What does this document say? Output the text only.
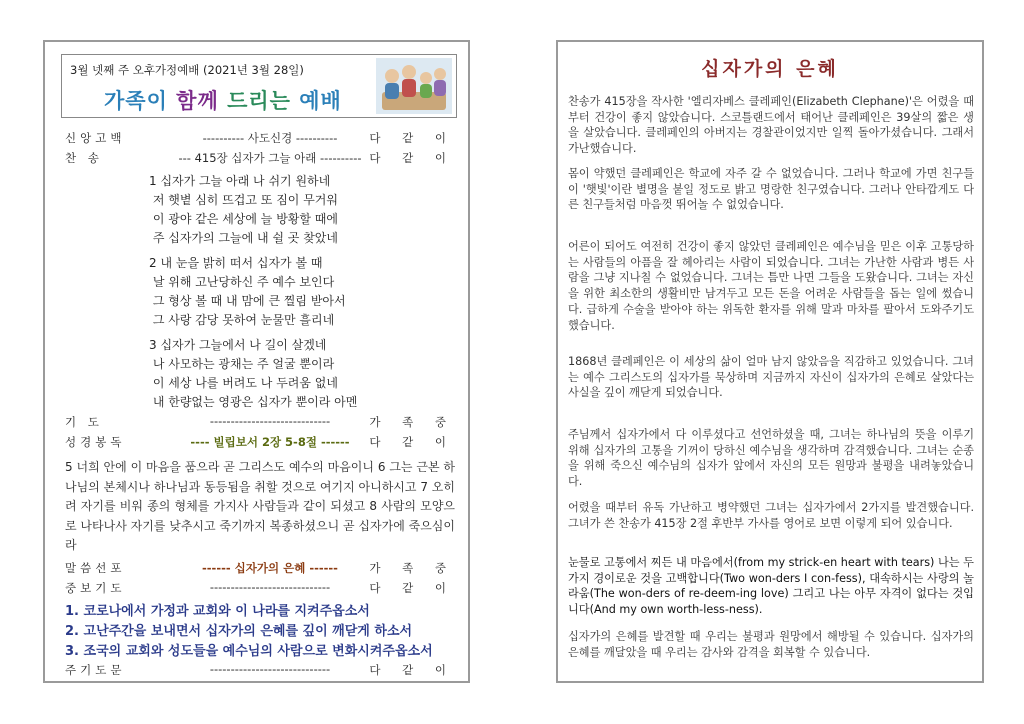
3월 넷째 주 오후가정예배 (2021년 3월 28일)
가족이 함께 드리는 예배
신앙고백	---------- 사도신경 ----------	다 같 이
찬 송	--- 415장 십자가 그늘 아래 ---------- 다 같 이
1 십자가 그늘 아래 나 쉬기 원하네
저 햇볕 심히 뜨겁고 또 짐이 무거워
이 광야 같은 세상에 늘 방황할 때에
주 십자가의 그늘에 내 쉴 곳 찾았네
2 내 눈을 밝히 떠서 십자가 볼 때
날 위해 고난당하신 주 예수 보인다
그 형상 볼 때 내 맘에 큰 찔림 받아서
그 사랑 감당 못하여 눈물만 흘리네
3 십자가 그늘에서 나 길이 살겠네
나 사모하는 광채는 주 얼굴 뿐이라
이 세상 나를 버려도 나 두려움 없네
내 한량없는 영광은 십자가 뿐이라 아멘
기 도	-----------------------------	가 족 중
성경봉독	---- 빌립보서 2장 5-8절 ------	다 같 이
5 너희 안에 이 마음을 품으라 곧 그리스도 예수의 마음이니 6 그는 근본 하나님의 본체시나 하나님과 동등됨을 취할 것으로 여기지 아니하시고 7 오히려 자기를 비워 종의 형체를 가지사 사람들과 같이 되셨고 8 사람의 모양으로 나타나사 자기를 낮추시고 죽기까지 복종하셨으니 곧 십자가에 죽으심이라
말씀선포	------ 십자가의 은혜 ------	가 족 중
중보기도	-----------------------------	다 같 이
1. 코로나에서 가정과 교회와 이 나라를 지켜주옵소서
2. 고난주간을 보내면서 십자가의 은혜를 깊이 깨닫게 하소서
3. 조국의 교회와 성도들을 예수님의 사람으로 변화시켜주옵소서
주기도문	-----------------------------	다 같 이
십자가의 은혜
찬송가 415장을 작사한 '엘리자베스 클레페인(Elizabeth Clephane)'은 어렸을 때부터 건강이 좋지 않았습니다. 스코틀랜드에서 태어난 클레페인은 39살의 짧은 생을 살았습니다. 클레페인의 아버지는 경찰관이었지만 일찍 돌아가셨습니다. 그래서 가난했습니다.
몸이 약했던 클레페인은 학교에 자주 갈 수 없었습니다. 그러나 학교에 가면 친구들이 '햇빛'이란 별명을 붙일 정도로 밝고 명랑한 친구였습니다. 그러나 안타깝게도 다른 친구들처럼 마음껏 뛰어놀 수 없었습니다.
어른이 되어도 여전히 건강이 좋지 않았던 클레페인은 예수님을 믿은 이후 고통당하는 사람들의 아픔을 잘 헤아리는 사람이 되었습니다. 그녀는 가난한 사람과 병든 사람을 그냥 지나칠 수 없었습니다. 그녀는 틈만 나면 그들을 도왔습니다. 그녀는 자신을 위한 최소한의 생활비만 남겨두고 모든 돈을 어려운 사람들을 돕는 일에 썼습니다. 급하게 수술을 받아야 하는 위독한 환자를 위해 말과 마차를 팔아서 도와주기도 했습니다.
1868년 클레페인은 이 세상의 삶이 얼마 남지 않았음을 직감하고 있었습니다. 그녀는 예수 그리스도의 십자가를 묵상하며 지금까지 자신이 십자가의 은혜로 살았다는 사실을 깊이 깨닫게 되었습니다.
주님께서 십자가에서 다 이루셨다고 선언하셨을 때, 그녀는 하나님의 뜻을 이루기 위해 십자가의 고통을 기꺼이 당하신 예수님을 생각하며 감격했습니다. 그녀는 순종을 위해 죽으신 예수님의 십자가 앞에서 자신의 모든 원망과 불평을 내려놓았습니다.
어렸을 때부터 유독 가난하고 병약했던 그녀는 십자가에서 2가지를 발견했습니다. 그녀가 쓴 찬송가 415장 2절 후반부 가사를 영어로 보면 이렇게 되어 있습니다.
눈물로 고통에서 찌든 내 마음에서(from my strick-en heart with tears) 나는 두 가지 경이로운 것을 고백합니다(Two won-ders I con-fess), 대속하시는 사랑의 놀라움(The won-ders of re-deem-ing love) 그리고 나는 아무 자격이 없다는 것입니다(And my own worth-less-ness).
십자가의 은혜를 발견할 때 우리는 불평과 원망에서 해방될 수 있습니다. 십자가의 은혜를 깨달았을 때 우리는 감사와 감격을 회복할 수 있습니다.
